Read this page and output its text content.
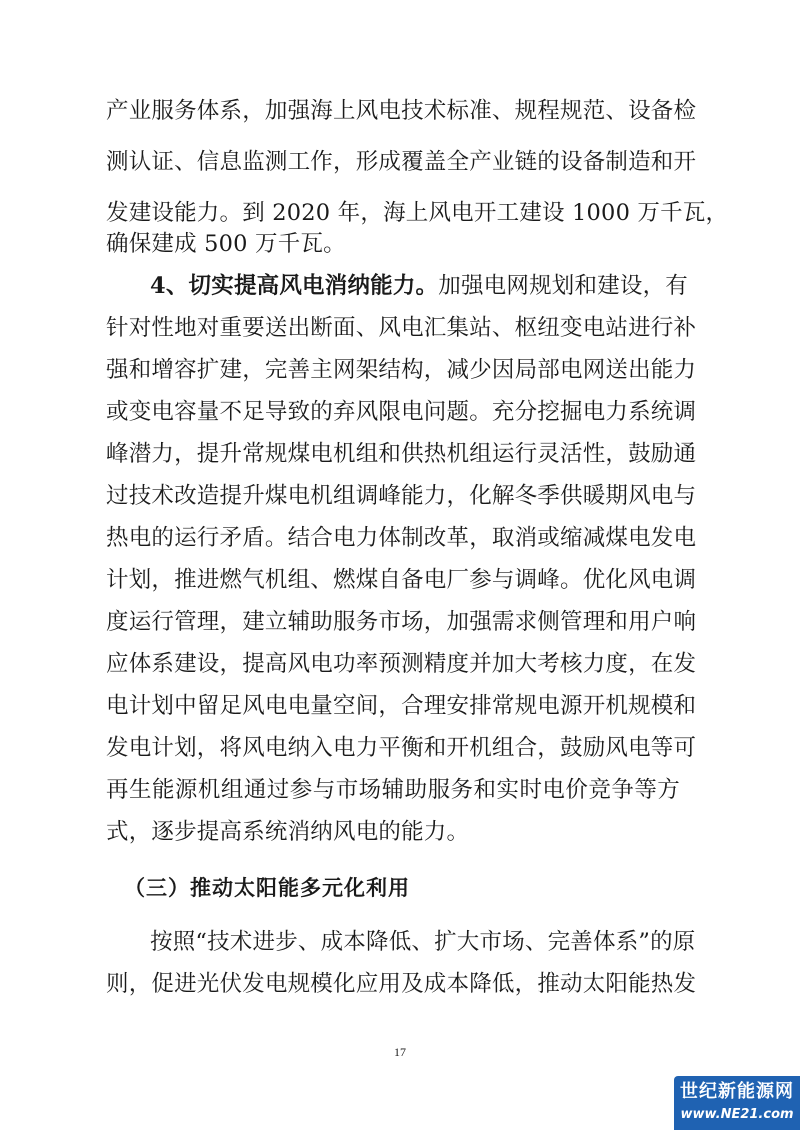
产业服务体系，加强海上风电技术标准、规程规范、设备检
测认证、信息监测工作，形成覆盖全产业链的设备制造和开
发建设能力。到 2020 年，海上风电开工建设 1000 万千瓦，
确保建成 500 万千瓦。
4、切实提高风电消纳能力。加强电网规划和建设，有
针对性地对重要送出断面、风电汇集站、枢纽变电站进行补
强和增容扩建，完善主网架结构，减少因局部电网送出能力
或变电容量不足导致的弃风限电问题。充分挖掘电力系统调
峰潜力，提升常规煤电机组和供热机组运行灵活性，鼓励通
过技术改造提升煤电机组调峰能力，化解冬季供暖期风电与
热电的运行矛盾。结合电力体制改革，取消或缩减煤电发电
计划，推进燃气机组、燃煤自备电厂参与调峰。优化风电调
度运行管理，建立辅助服务市场，加强需求侧管理和用户响
应体系建设，提高风电功率预测精度并加大考核力度，在发
电计划中留足风电电量空间，合理安排常规电源开机规模和
发电计划，将风电纳入电力平衡和开机组合，鼓励风电等可
再生能源机组通过参与市场辅助服务和实时电价竞争等方
式，逐步提高系统消纳风电的能力。
（三）推动太阳能多元化利用
按照“技术进步、成本降低、扩大市场、完善体系”的原
则，促进光伏发电规模化应用及成本降低，推动太阳能热发
17
世纪新能源网
www.NE21.com
